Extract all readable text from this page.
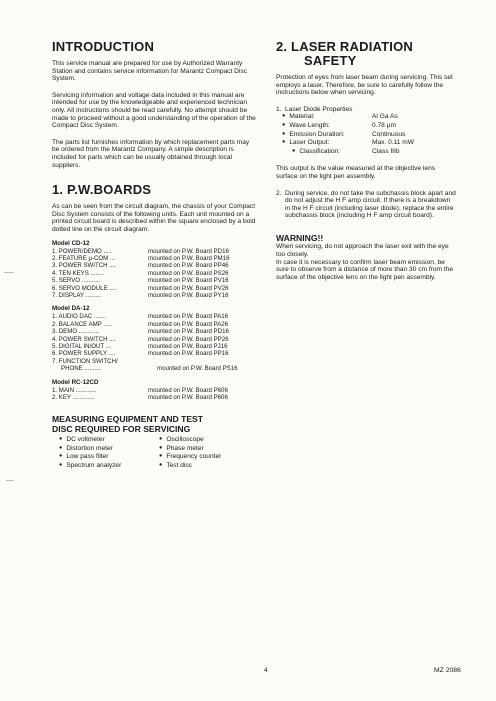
INTRODUCTION

This service manual are prepared for use by Authorized Warranty Station and contains service information for Marantz Compact Disc System.

Servicing information and voltage data included in this manual are intended for use by the knowledgeable and experienced technician only. All instructions should be read carefully. No attempt should be made to proceed without a good understanding of the operation of the Compact Disc System.

The parts list furnishes information by which replacement parts may be ordered from the Marantz Company. A simple description is included for parts which can be usually obtained through local suppliers.

1. P.W.BOARDS

As can be seen from the circuit diagram, the chassis of your Compact Disc System consists of the following units. Each unit mounted on a printed circuit board is described within the square enclosed by a bold dotted line on the circuit diagram.

Model CD-12
1. POWER/DEMO .....	mounted on P.W. Board PD16
2. FEATURE µ-COM ...	mounted on P.W. Board PM16
3. POWER SWITCH ....	mounted on P.W. Board PP46
4. TEN KEYS ........	mounted on P.W. Board PS26
5. SERVO ...........	mounted on P.W. Board PV16
6. SERVO MODULE ....	mounted on P.W. Board PV26
7. DISPLAY .........	mounted on P.W. Board PY16
Model DA-12
1. AUDIO DAC .......	mounted on P.W. Board PA16
2. BALANCE AMP .....	mounted on P.W. Board PA26
3. DEMO ............	mounted on P.W. Board PD16
4. POWER SWITCH ....	mounted on P.W. Board PP26
5. DIGITAL IN/OUT ...	mounted on P.W. Board PJ16
6. POWER SUPPLY ....	mounted on P.W. Board PP16
7. FUNCTION SWITCH/
PHONE ..........	mounted on P.W. Board PS16
Model RC-12CD
1. MAIN ............	mounted on P.W. Board P606
2. KEY .............	mounted on P.W. Board P606
MEASURING EQUIPMENT AND TEST
DISC REQUIRED FOR SERVICING
● DC voltmeter	● Oscilloscope
● Distortion meter	● Phase meter
● Low pass filter	● Frequency counter
● Spectrum analyzer	● Test disc
2. LASER RADIATION
SAFETY

Protection of eyes from laser beam during servicing. This set employs a laser. Therefore, be sure to carefully follow the instructions below when servicing.

1. Laser Diode Properties
● Material:	Al Ga As
● Wave Length:	0.78 µm
● Emission Duration:	Continuous
● Laser Output:	Max. 0.11 mW
● Classification:	Class IIIb

This output is the value measured at the objective lens surface on the light pen assembly.

2. During service, do not take the subchassis block apart and do not adjust the H F amp circuit. If there is a breakdown in the H F circuit (including laser diode), replace the entire subchassis block (including H F amp circuit board).
WARNING!!

When servicing, do not approach the laser exit with the eye too closely.

In case it is necessary to confirm laser beam emission, be sure to observe from a distance of more than 30 cm from the surface of the objective lens on the light pen assembly.

4	MZ 2086
